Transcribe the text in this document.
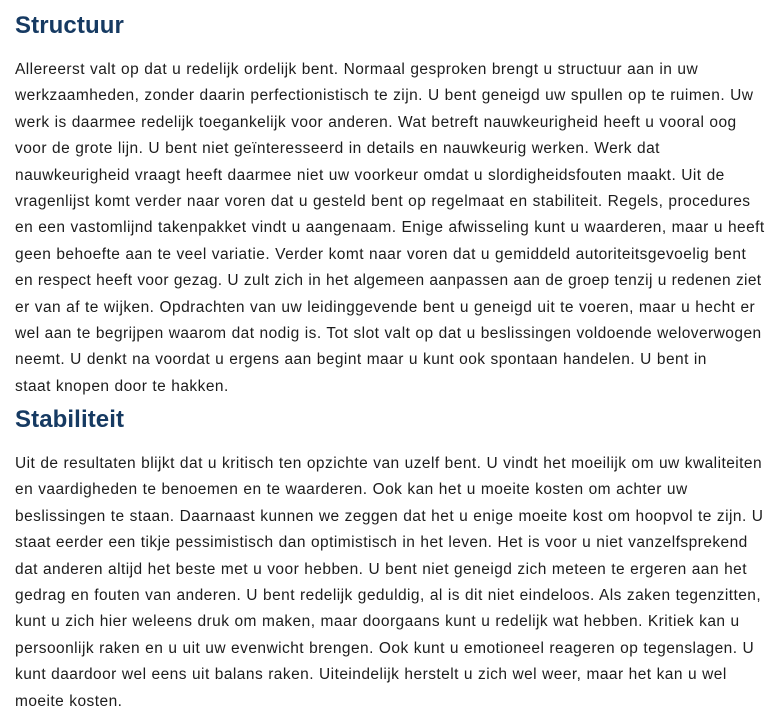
Structuur

Allereerst valt op dat u redelijk ordelijk bent. Normaal gesproken brengt u structuur aan in uw
werkzaamheden, zonder daarin perfectionistisch te zijn. U bent geneigd uw spullen op te ruimen. Uw
werk is daarmee redelijk toegankelijk voor anderen. Wat betreft nauwkeurigheid heeft u vooral oog
voor de grote lijn. U bent niet geïnteresseerd in details en nauwkeurig werken. Werk dat
nauwkeurigheid vraagt heeft daarmee niet uw voorkeur omdat u slordigheidsfouten maakt. Uit de
vragenlijst komt verder naar voren dat u gesteld bent op regelmaat en stabiliteit. Regels, procedures
en een vastomlijnd takenpakket vindt u aangenaam. Enige afwisseling kunt u waarderen, maar u heeft
geen behoefte aan te veel variatie. Verder komt naar voren dat u gemiddeld autoriteitsgevoelig bent
en respect heeft voor gezag. U zult zich in het algemeen aanpassen aan de groep tenzij u redenen ziet
er van af te wijken. Opdrachten van uw leidinggevende bent u geneigd uit te voeren, maar u hecht er
wel aan te begrijpen waarom dat nodig is. Tot slot valt op dat u beslissingen voldoende weloverwogen
neemt. U denkt na voordat u ergens aan begint maar u kunt ook spontaan handelen. U bent in
staat knopen door te hakken.

Stabiliteit

Uit de resultaten blijkt dat u kritisch ten opzichte van uzelf bent. U vindt het moeilijk om uw kwaliteiten
en vaardigheden te benoemen en te waarderen. Ook kan het u moeite kosten om achter uw
beslissingen te staan. Daarnaast kunnen we zeggen dat het u enige moeite kost om hoopvol te zijn. U
staat eerder een tikje pessimistisch dan optimistisch in het leven. Het is voor u niet vanzelfsprekend
dat anderen altijd het beste met u voor hebben. U bent niet geneigd zich meteen te ergeren aan het
gedrag en fouten van anderen. U bent redelijk geduldig, al is dit niet eindeloos. Als zaken tegenzitten,
kunt u zich hier weleens druk om maken, maar doorgaans kunt u redelijk wat hebben. Kritiek kan u
persoonlijk raken en u uit uw evenwicht brengen. Ook kunt u emotioneel reageren op tegenslagen. U
kunt daardoor wel eens uit balans raken. Uiteindelijk herstelt u zich wel weer, maar het kan u wel
moeite kosten.
